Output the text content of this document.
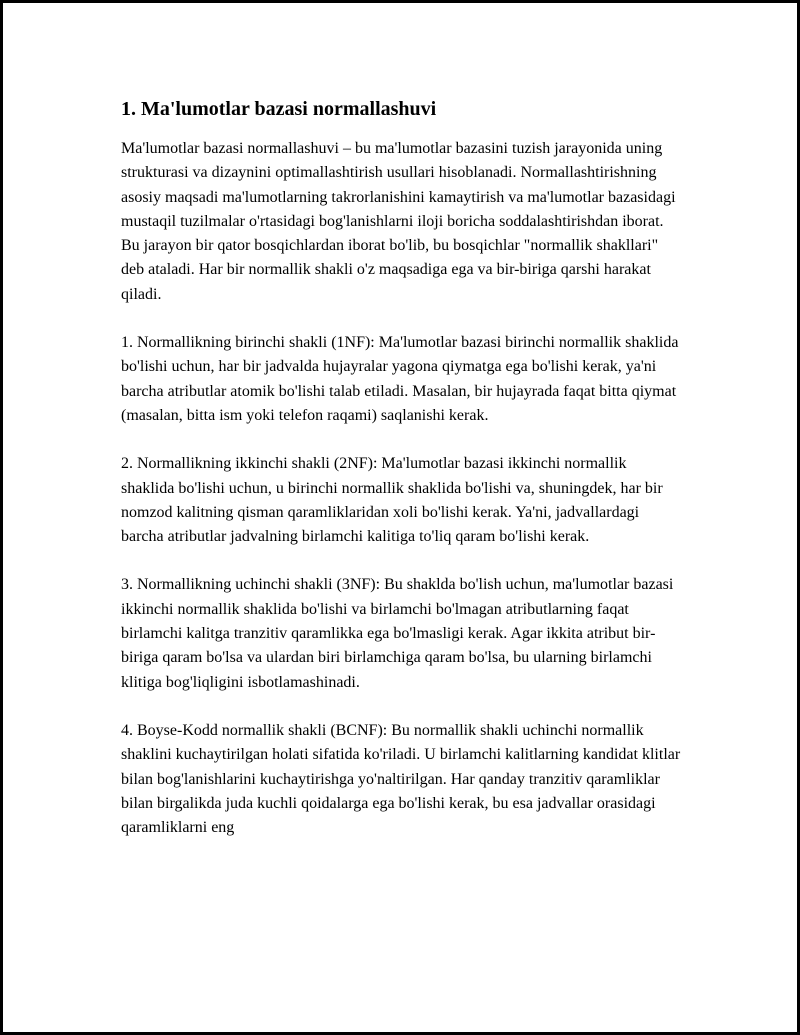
1. Ma'lumotlar bazasi normallashuvi

Ma'lumotlar bazasi normallashuvi – bu ma'lumotlar bazasini tuzish jarayonida uning strukturasi va dizaynini optimallashtirish usullari hisoblanadi. Normallashtirishning asosiy maqsadi ma'lumotlarning takrorlanishini kamaytirish va ma'lumotlar bazasidagi mustaqil tuzilmalar o'rtasidagi bog'lanishlarni iloji boricha soddalashtirishdan iborat. Bu jarayon bir qator bosqichlardan iborat bo'lib, bu bosqichlar "normallik shakllari" deb ataladi. Har bir normallik shakli o'z maqsadiga ega va bir-biriga qarshi harakat qiladi.

1. Normallikning birinchi shakli (1NF): Ma'lumotlar bazasi birinchi normallik shaklida bo'lishi uchun, har bir jadvalda hujayralar yagona qiymatga ega bo'lishi kerak, ya'ni barcha atributlar atomik bo'lishi talab etiladi. Masalan, bir hujayrada faqat bitta qiymat (masalan, bitta ism yoki telefon raqami) saqlanishi kerak.

2. Normallikning ikkinchi shakli (2NF): Ma'lumotlar bazasi ikkinchi normallik shaklida bo'lishi uchun, u birinchi normallik shaklida bo'lishi va, shuningdek, har bir nomzod kalitning qisman qaramliklaridan xoli bo'lishi kerak. Ya'ni, jadvallardagi barcha atributlar jadvalning birlamchi kalitiga to'liq qaram bo'lishi kerak.

3. Normallikning uchinchi shakli (3NF): Bu shaklda bo'lish uchun, ma'lumotlar bazasi ikkinchi normallik shaklida bo'lishi va birlamchi bo'lmagan atributlarning faqat birlamchi kalitga tranzitiv qaramlikka ega bo'lmasligi kerak. Agar ikkita atribut bir-biriga qaram bo'lsa va ulardan biri birlamchiga qaram bo'lsa, bu ularning birlamchi klitiga bog'liqligini isbotlamashinadi.

4. Boyse-Kodd normallik shakli (BCNF): Bu normallik shakli uchinchi normallik shaklini kuchaytirilgan holati sifatida ko'riladi. U birlamchi kalitlarning kandidat klitlar bilan bog'lanishlarini kuchaytirishga yo'naltirilgan. Har qanday tranzitiv qaramliklar bilan birgalikda juda kuchli qoidalarga ega bo'lishi kerak, bu esa jadvallar orasidagi qaramliklarni eng
